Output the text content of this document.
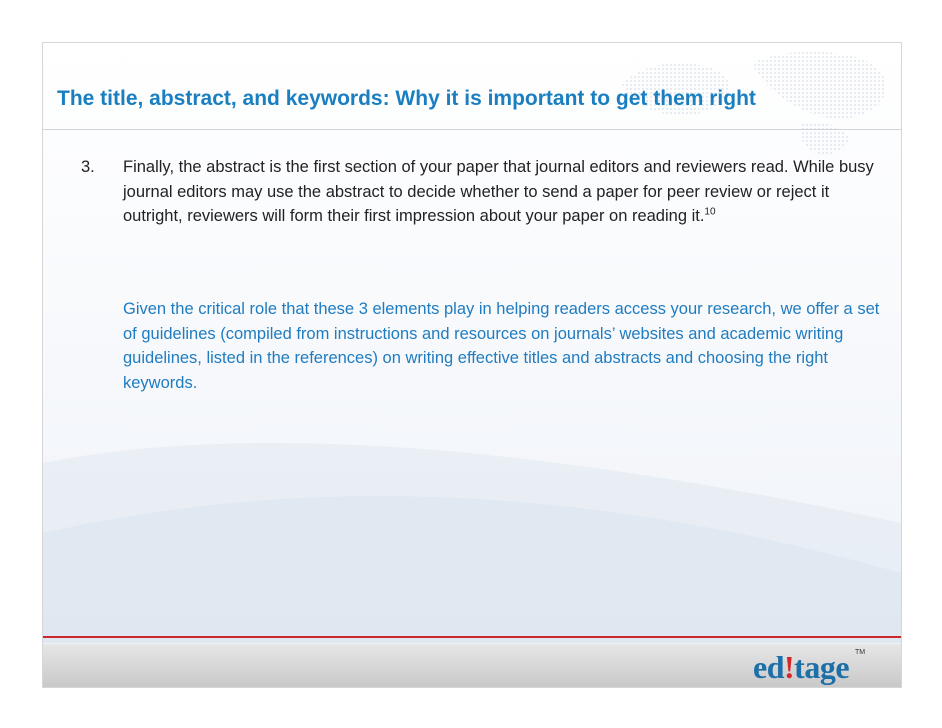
The title, abstract, and keywords: Why it is important to get them right
3. Finally, the abstract is the first section of your paper that journal editors and reviewers read. While busy journal editors may use the abstract to decide whether to send a paper for peer review or reject it outright, reviewers will form their first impression about your paper on reading it.$^{10}$

Given the critical role that these 3 elements play in helping readers access your research, we offer a set of guidelines (compiled from instructions and resources on journals’ websites and academic writing guidelines, listed in the references) on writing effective titles and abstracts and choosing the right keywords.

ed!tage TM
